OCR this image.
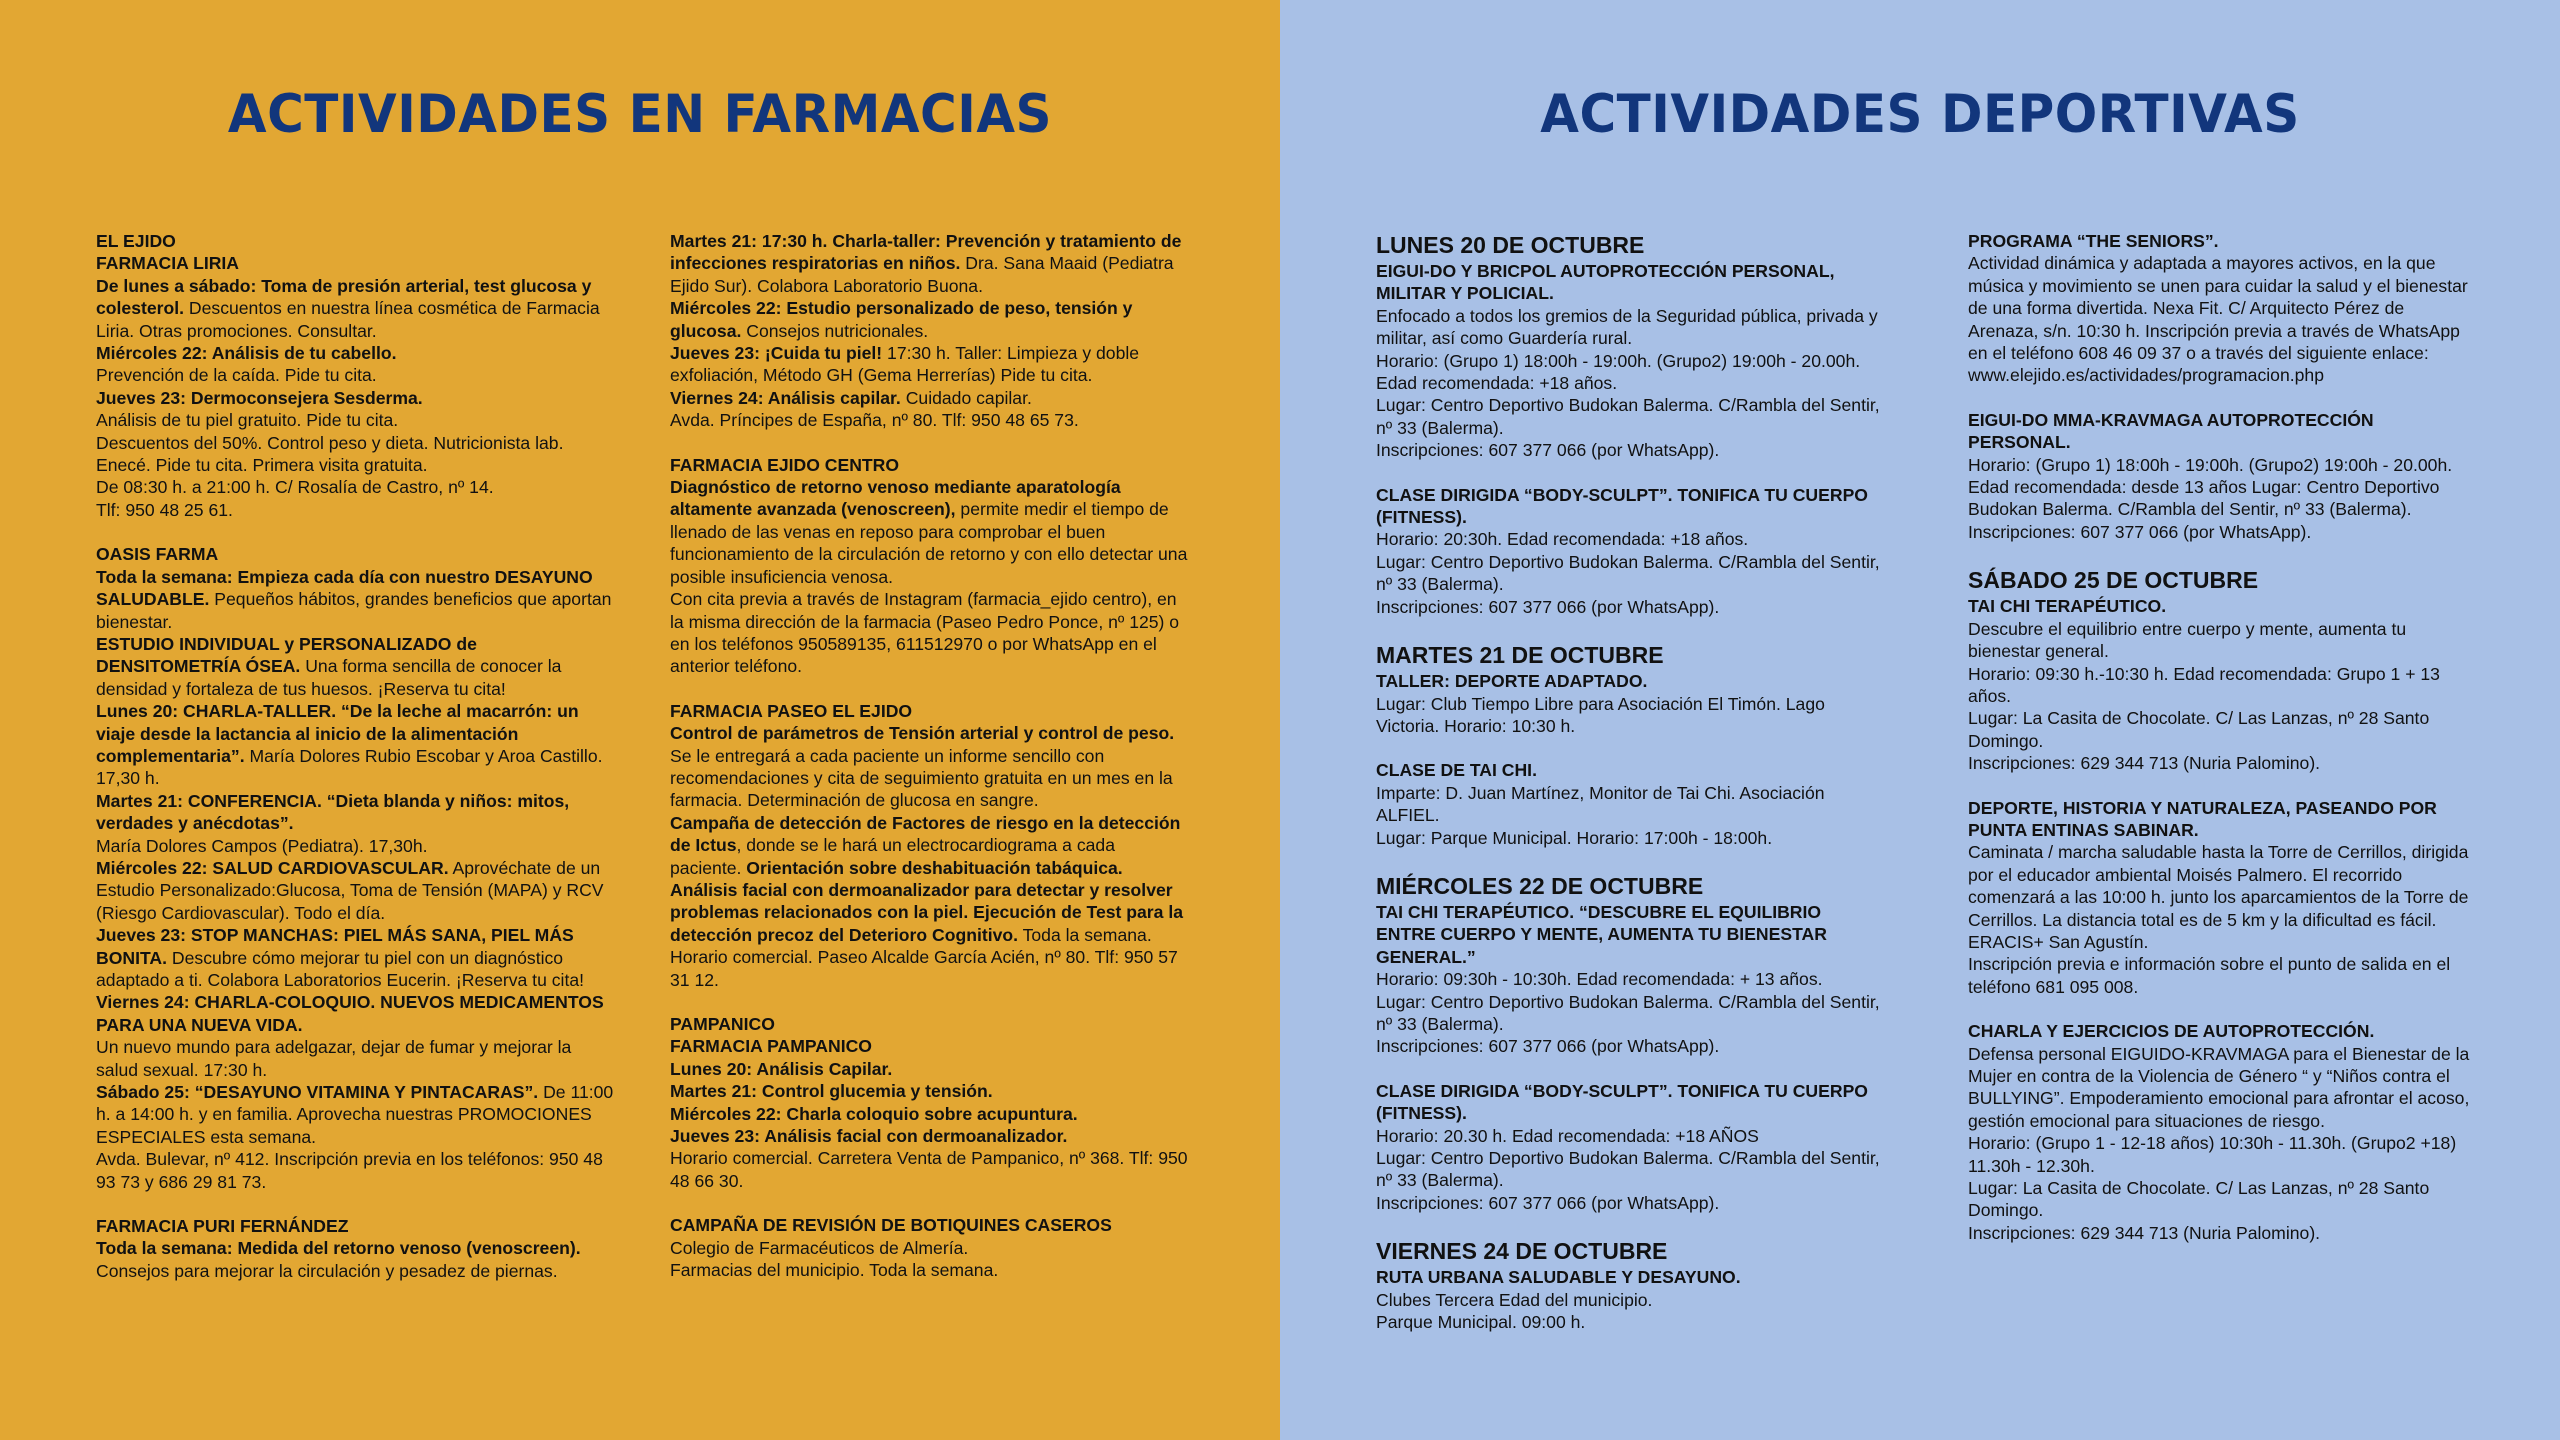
ACTIVIDADES EN FARMACIAS
EL EJIDO
FARMACIA LIRIA

De lunes a sábado: Toma de presión arterial, test glucosa y colesterol. Descuentos en nuestra línea cosmética de Farmacia Liria. Otras promociones. Consultar.

Miércoles 22: Análisis de tu cabello.

Prevención de la caída. Pide tu cita.

Jueves 23: Dermoconsejera Sesderma.

Análisis de tu piel gratuito. Pide tu cita.

Descuentos del 50%. Control peso y dieta. Nutricionista lab. Enecé. Pide tu cita. Primera visita gratuita.

De 08:30 h. a 21:00 h. C/ Rosalía de Castro, nº 14.

Tlf: 950 48 25 61.

OASIS FARMA

Toda la semana: Empieza cada día con nuestro DESAYUNO SALUDABLE. Pequeños hábitos, grandes beneficios que aportan bienestar.

ESTUDIO INDIVIDUAL y PERSONALIZADO de DENSITOMETRÍA ÓSEA. Una forma sencilla de conocer la densidad y fortaleza de tus huesos. ¡Reserva tu cita!

Lunes 20: CHARLA-TALLER. “De la leche al macarrón: un viaje desde la lactancia al inicio de la alimentación complementaria”. María Dolores Rubio Escobar y Aroa Castillo. 17,30 h.

Martes 21: CONFERENCIA. “Dieta blanda y niños: mitos, verdades y anécdotas”.

María Dolores Campos (Pediatra). 17,30h.

Miércoles 22: SALUD CARDIOVASCULAR. Aprovéchate de un Estudio Personalizado:Glucosa, Toma de Tensión (MAPA) y RCV (Riesgo Cardiovascular). Todo el día.

Jueves 23: STOP MANCHAS: PIEL MÁS SANA, PIEL MÁS BONITA. Descubre cómo mejorar tu piel con un diagnóstico adaptado a ti. Colabora Laboratorios Eucerin. ¡Reserva tu cita!

Viernes 24: CHARLA-COLOQUIO. NUEVOS MEDICAMENTOS PARA UNA NUEVA VIDA.

Un nuevo mundo para adelgazar, dejar de fumar y mejorar la salud sexual. 17:30 h.

Sábado 25: “DESAYUNO VITAMINA Y PINTACARAS”. De 11:00 h. a 14:00 h. y en familia. Aprovecha nuestras PROMOCIONES ESPECIALES esta semana.

Avda. Bulevar, nº 412. Inscripción previa en los teléfonos: 950 48 93 73 y 686 29 81 73.

FARMACIA PURI FERNÁNDEZ

Toda la semana: Medida del retorno venoso (venoscreen).

Consejos para mejorar la circulación y pesadez de piernas.

Martes 21: 17:30 h. Charla-taller: Prevención y tratamiento de infecciones respiratorias en niños. Dra. Sana Maaid (Pediatra Ejido Sur). Colabora Laboratorio Buona.

Miércoles 22: Estudio personalizado de peso, tensión y glucosa. Consejos nutricionales.

Jueves 23: ¡Cuida tu piel! 17:30 h. Taller: Limpieza y doble exfoliación, Método GH (Gema Herrerías) Pide tu cita.

Viernes 24: Análisis capilar. Cuidado capilar.

Avda. Príncipes de España, nº 80. Tlf: 950 48 65 73.

FARMACIA EJIDO CENTRO

Diagnóstico de retorno venoso mediante aparatología altamente avanzada (venoscreen), permite medir el tiempo de llenado de las venas en reposo para comprobar el buen funcionamiento de la circulación de retorno y con ello detectar una posible insuficiencia venosa.

Con cita previa a través de Instagram (farmacia_ejido centro), en la misma dirección de la farmacia (Paseo Pedro Ponce, nº 125) o en los teléfonos 950589135, 611512970 o por WhatsApp en el anterior teléfono.

FARMACIA PASEO EL EJIDO

Control de parámetros de Tensión arterial y control de peso. Se le entregará a cada paciente un informe sencillo con recomendaciones y cita de seguimiento gratuita en un mes en la farmacia. Determinación de glucosa en sangre.

Campaña de detección de Factores de riesgo en la detección de Ictus, donde se le hará un electrocardiograma a cada paciente. Orientación sobre deshabituación tabáquica. Análisis facial con dermoanalizador para detectar y resolver problemas relacionados con la piel. Ejecución de Test para la detección precoz del Deterioro Cognitivo. Toda la semana. Horario comercial. Paseo Alcalde García Acién, nº 80. Tlf: 950 57 31 12.

PAMPANICO
FARMACIA PAMPANICO

Lunes 20: Análisis Capilar.

Martes 21: Control glucemia y tensión.

Miércoles 22: Charla coloquio sobre acupuntura.

Jueves 23: Análisis facial con dermoanalizador.

Horario comercial. Carretera Venta de Pampanico, nº 368. Tlf: 950 48 66 30.

CAMPAÑA DE REVISIÓN DE BOTIQUINES CASEROS

Colegio de Farmacéuticos de Almería.

Farmacias del municipio. Toda la semana.

ACTIVIDADES DEPORTIVAS
LUNES 20 DE OCTUBRE
EIGUI-DO Y BRICPOL AUTOPROTECCIÓN PERSONAL, MILITAR Y POLICIAL.

Enfocado a todos los gremios de la Seguridad pública, privada y militar, así como Guardería rural.

Horario: (Grupo 1) 18:00h - 19:00h. (Grupo2) 19:00h - 20.00h. Edad recomendada: +18 años.

Lugar: Centro Deportivo Budokan Balerma. C/Rambla del Sentir, nº 33 (Balerma).

Inscripciones: 607 377 066 (por WhatsApp).

CLASE DIRIGIDA “BODY-SCULPT”. TONIFICA TU CUERPO (FITNESS).

Horario: 20:30h. Edad recomendada: +18 años.

Lugar: Centro Deportivo Budokan Balerma. C/Rambla del Sentir, nº 33 (Balerma).

Inscripciones: 607 377 066 (por WhatsApp).

MARTES 21 DE OCTUBRE
TALLER: DEPORTE ADAPTADO.

Lugar: Club Tiempo Libre para Asociación El Timón. Lago Victoria. Horario: 10:30 h.

CLASE DE TAI CHI.

Imparte: D. Juan Martínez, Monitor de Tai Chi. Asociación ALFIEL.

Lugar: Parque Municipal. Horario: 17:00h - 18:00h.

MIÉRCOLES 22 DE OCTUBRE
TAI CHI TERAPÉUTICO. “DESCUBRE EL EQUILIBRIO ENTRE CUERPO Y MENTE, AUMENTA TU BIENESTAR GENERAL.”

Horario: 09:30h - 10:30h. Edad recomendada: + 13 años.

Lugar: Centro Deportivo Budokan Balerma. C/Rambla del Sentir, nº 33 (Balerma).

Inscripciones: 607 377 066 (por WhatsApp).

CLASE DIRIGIDA “BODY-SCULPT”. TONIFICA TU CUERPO (FITNESS).

Horario: 20.30 h. Edad recomendada: +18 AÑOS

Lugar: Centro Deportivo Budokan Balerma. C/Rambla del Sentir, nº 33 (Balerma).

Inscripciones: 607 377 066 (por WhatsApp).

VIERNES 24 DE OCTUBRE
RUTA URBANA SALUDABLE Y DESAYUNO.

Clubes Tercera Edad del municipio.

Parque Municipal. 09:00 h.

PROGRAMA “THE SENIORS”.

Actividad dinámica y adaptada a mayores activos, en la que música y movimiento se unen para cuidar la salud y el bienestar de una forma divertida. Nexa Fit. C/ Arquitecto Pérez de Arenaza, s/n. 10:30 h. Inscripción previa a través de WhatsApp en el teléfono 608 46 09 37 o a través del siguiente enlace: www.elejido.es/actividades/programacion.php

EIGUI-DO MMA-KRAVMAGA AUTOPROTECCIÓN PERSONAL.

Horario: (Grupo 1) 18:00h - 19:00h. (Grupo2) 19:00h - 20.00h. Edad recomendada: desde 13 años Lugar: Centro Deportivo Budokan Balerma. C/Rambla del Sentir, nº 33 (Balerma).

Inscripciones: 607 377 066 (por WhatsApp).

SÁBADO 25 DE OCTUBRE
TAI CHI TERAPÉUTICO.

Descubre el equilibrio entre cuerpo y mente, aumenta tu bienestar general.

Horario: 09:30 h.-10:30 h. Edad recomendada: Grupo 1 + 13 años.

Lugar: La Casita de Chocolate. C/ Las Lanzas, nº 28 Santo Domingo.

Inscripciones: 629 344 713 (Nuria Palomino).

DEPORTE, HISTORIA Y NATURALEZA, PASEANDO POR PUNTA ENTINAS SABINAR.

Caminata / marcha saludable hasta la Torre de Cerrillos, dirigida por el educador ambiental Moisés Palmero. El recorrido comenzará a las 10:00 h. junto los aparcamientos de la Torre de Cerrillos. La distancia total es de 5 km y la dificultad es fácil. ERACIS+ San Agustín.

Inscripción previa e información sobre el punto de salida en el teléfono 681 095 008.

CHARLA Y EJERCICIOS DE AUTOPROTECCIÓN.

Defensa personal EIGUIDO-KRAVMAGA para el Bienestar de la Mujer en contra de la Violencia de Género “ y “Niños contra el BULLYING”. Empoderamiento emocional para afrontar el acoso, gestión emocional para situaciones de riesgo.

Horario: (Grupo 1 - 12-18 años) 10:30h - 11.30h. (Grupo2 +18) 11.30h - 12.30h.

Lugar: La Casita de Chocolate. C/ Las Lanzas, nº 28 Santo Domingo.

Inscripciones: 629 344 713 (Nuria Palomino).
